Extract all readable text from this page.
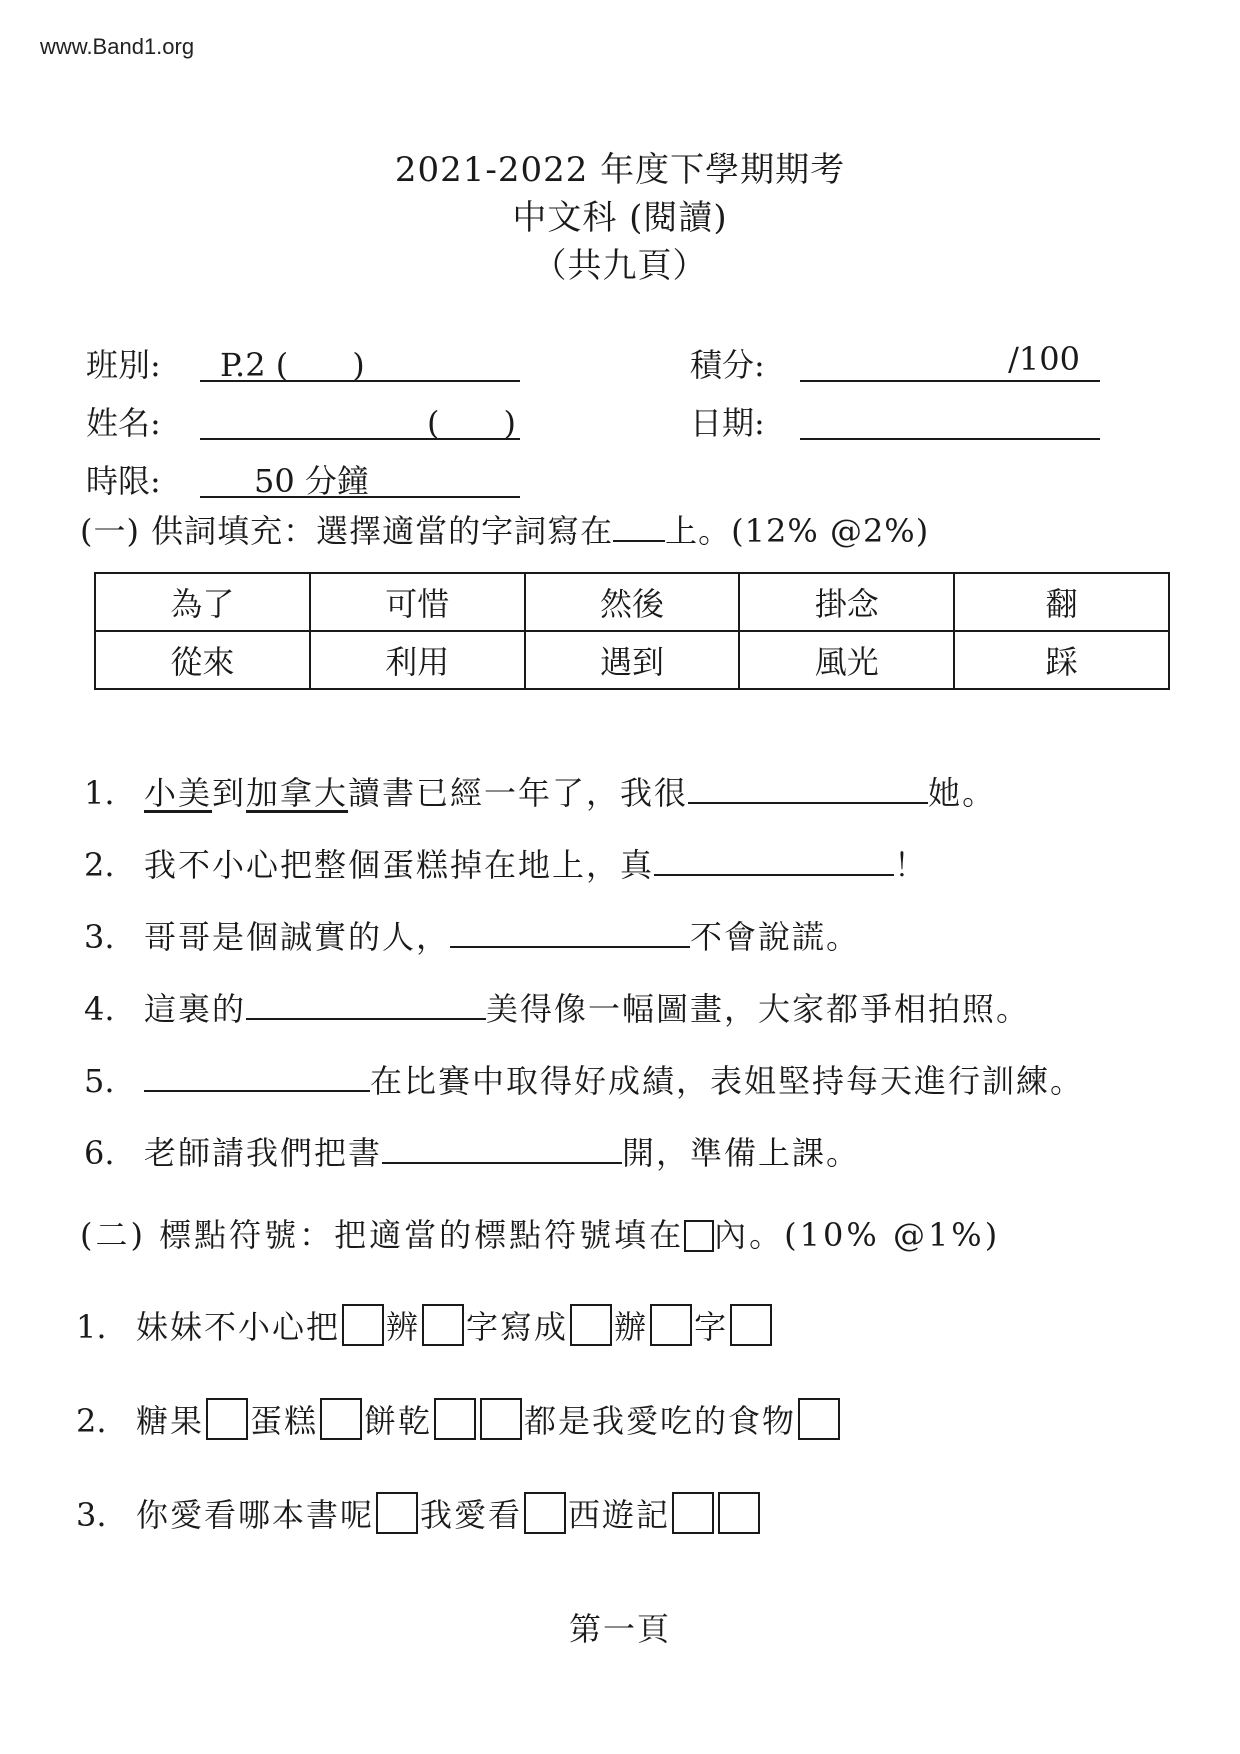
www.Band1.org
2021-2022 年度下學期期考
中文科 (閱讀)
（共九頁）
班別:	P.2 (　　)	積分:	/100
姓名:	(　　)	日期:
時限:	50 分鐘
(一) 供詞填充：選擇適當的字詞寫在 上。(12% @2%)
為了	可惜	然後	掛念	翻
從來	利用	遇到	風光	踩
1. 小美到加拿大讀書已經一年了，我很	她。
2. 我不小心把整個蛋糕掉在地上，真	！
3. 哥哥是個誠實的人，	不會說謊。
4. 這裏的	美得像一幅圖畫，大家都爭相拍照。
5.	在比賽中取得好成績，表姐堅持每天進行訓練。
6. 老師請我們把書	開，準備上課。
(二) 標點符號：把適當的標點符號填在 內。(10% @1%)
1. 妹妹不小心把 辨 字寫成 辦 字
2. 糖果 蛋糕 餅乾	都是我愛吃的食物
3. 你愛看哪本書呢 我愛看 西遊記
第一頁
